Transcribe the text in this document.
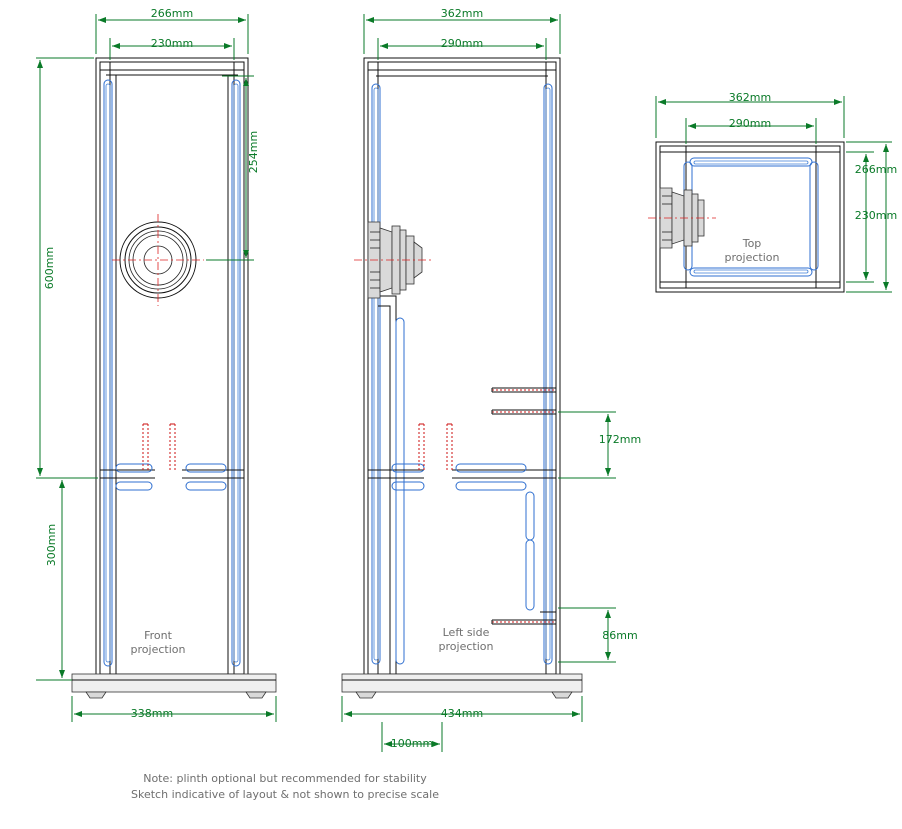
Front
projection
266mm
230mm
254mm
600mm
300mm
338mm
Left side
projection
362mm
290mm
172mm
86mm
434mm
100mm
Top
projection
362mm
290mm
266mm
230mm
Note: plinth optional but recommended for stability
Sketch indicative of layout & not shown to precise scale
